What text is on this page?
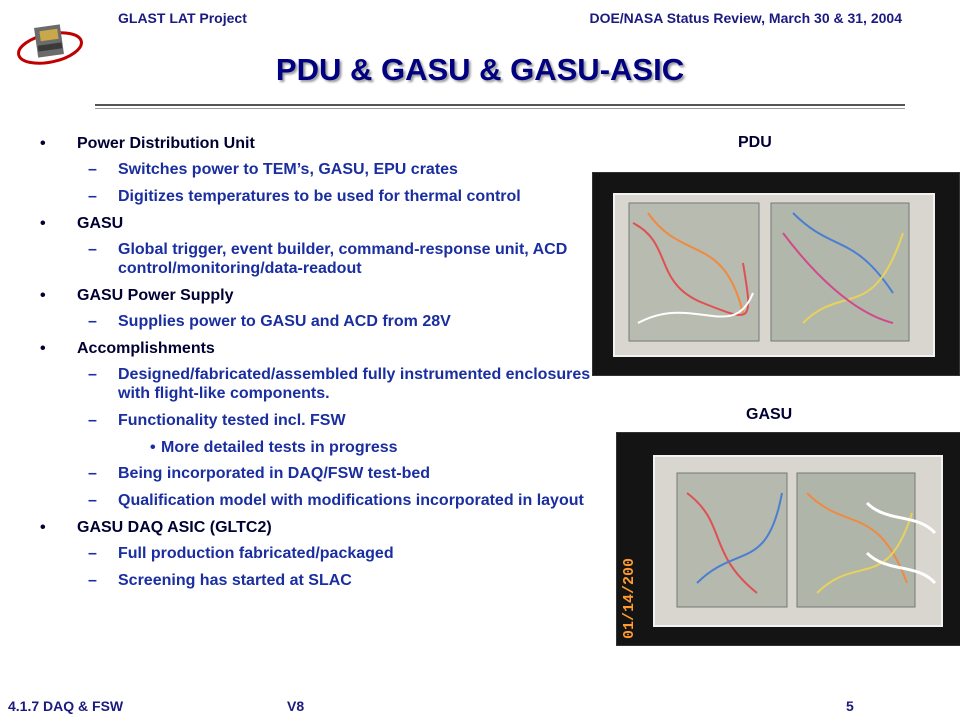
GLAST LAT Project	DOE/NASA Status Review, March 30 & 31, 2004
PDU & GASU & GASU-ASIC
•	Power Distribution Unit
– Switches power to TEM’s, GASU, EPU crates
– Digitizes temperatures to be used for thermal control
•	GASU
– Global trigger, event builder, command-response unit, ACD control/monitoring/data-readout
•	GASU Power Supply
– Supplies power to GASU and ACD from 28V
•	Accomplishments
– Designed/fabricated/assembled fully instrumented enclosures with flight-like components.
– Functionality tested incl. FSW
• More detailed tests in progress
– Being incorporated in DAQ/FSW test-bed
– Qualification model with modifications incorporated in layout
•	GASU DAQ ASIC (GLTC2)
– Full production fabricated/packaged
– Screening has started at SLAC
PDU
GASU
01/14/200
4.1.7 DAQ & FSW	V8	5
